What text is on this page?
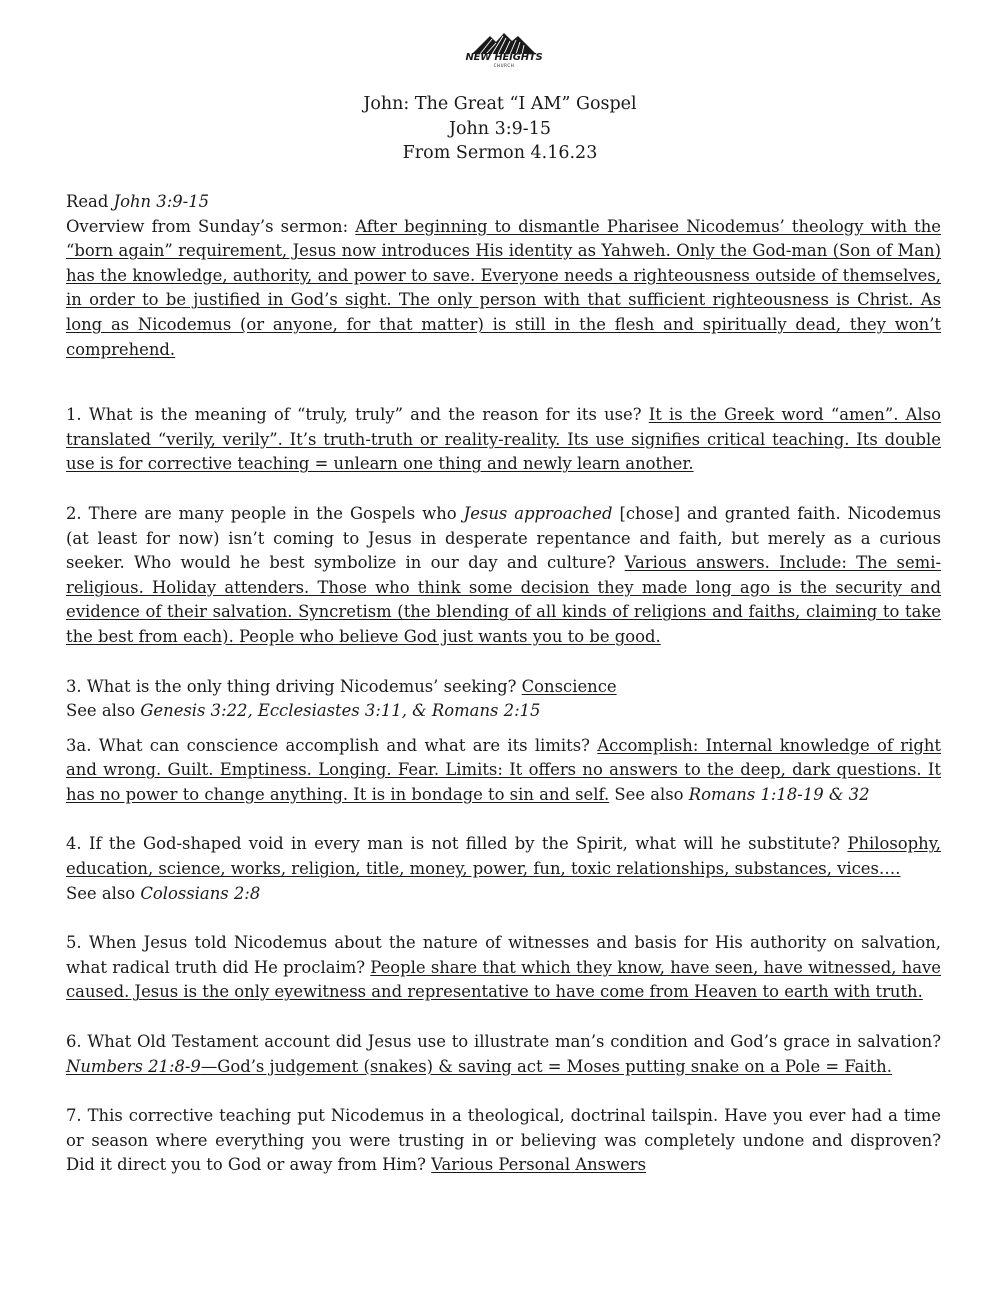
NEW HEIGHTS
CHURCH
John: The Great “I AM” Gospel
John 3:9-15
From Sermon 4.16.23

Read John 3:9-15

Overview from Sunday’s sermon: After beginning to dismantle Pharisee Nicodemus’ theology with the “born again” requirement, Jesus now introduces His identity as Yahweh. Only the God-man (Son of Man) has the knowledge, authority, and power to save. Everyone needs a righteousness outside of themselves, in order to be justified in God’s sight. The only person with that sufficient righteousness is Christ. As long as Nicodemus (or anyone, for that matter) is still in the flesh and spiritually dead, they won’t comprehend.

1. What is the meaning of “truly, truly” and the reason for its use? It is the Greek word “amen”. Also translated “verily, verily”. It’s truth-truth or reality-reality. Its use signifies critical teaching. Its double use is for corrective teaching = unlearn one thing and newly learn another.

2. There are many people in the Gospels who Jesus approached [chose] and granted faith. Nicodemus (at least for now) isn’t coming to Jesus in desperate repentance and faith, but merely as a curious seeker. Who would he best symbolize in our day and culture? Various answers. Include: The semi-religious. Holiday attenders. Those who think some decision they made long ago is the security and evidence of their salvation. Syncretism (the blending of all kinds of religions and faiths, claiming to take the best from each). People who believe God just wants you to be good.

3. What is the only thing driving Nicodemus’ seeking? Conscience

See also Genesis 3:22, Ecclesiastes 3:11, & Romans 2:15

3a. What can conscience accomplish and what are its limits? Accomplish: Internal knowledge of right and wrong. Guilt. Emptiness. Longing. Fear. Limits: It offers no answers to the deep, dark questions. It has no power to change anything. It is in bondage to sin and self. See also Romans 1:18-19 & 32

4. If the God-shaped void in every man is not filled by the Spirit, what will he substitute? Philosophy, education, science, works, religion, title, money, power, fun, toxic relationships, substances, vices….

See also Colossians 2:8

5. When Jesus told Nicodemus about the nature of witnesses and basis for His authority on salvation, what radical truth did He proclaim? People share that which they know, have seen, have witnessed, have caused. Jesus is the only eyewitness and representative to have come from Heaven to earth with truth.

6. What Old Testament account did Jesus use to illustrate man’s condition and God’s grace in salvation? Numbers 21:8-9—God’s judgement (snakes) & saving act = Moses putting snake on a Pole = Faith.

7. This corrective teaching put Nicodemus in a theological, doctrinal tailspin. Have you ever had a time or season where everything you were trusting in or believing was completely undone and disproven? Did it direct you to God or away from Him? Various Personal Answers
